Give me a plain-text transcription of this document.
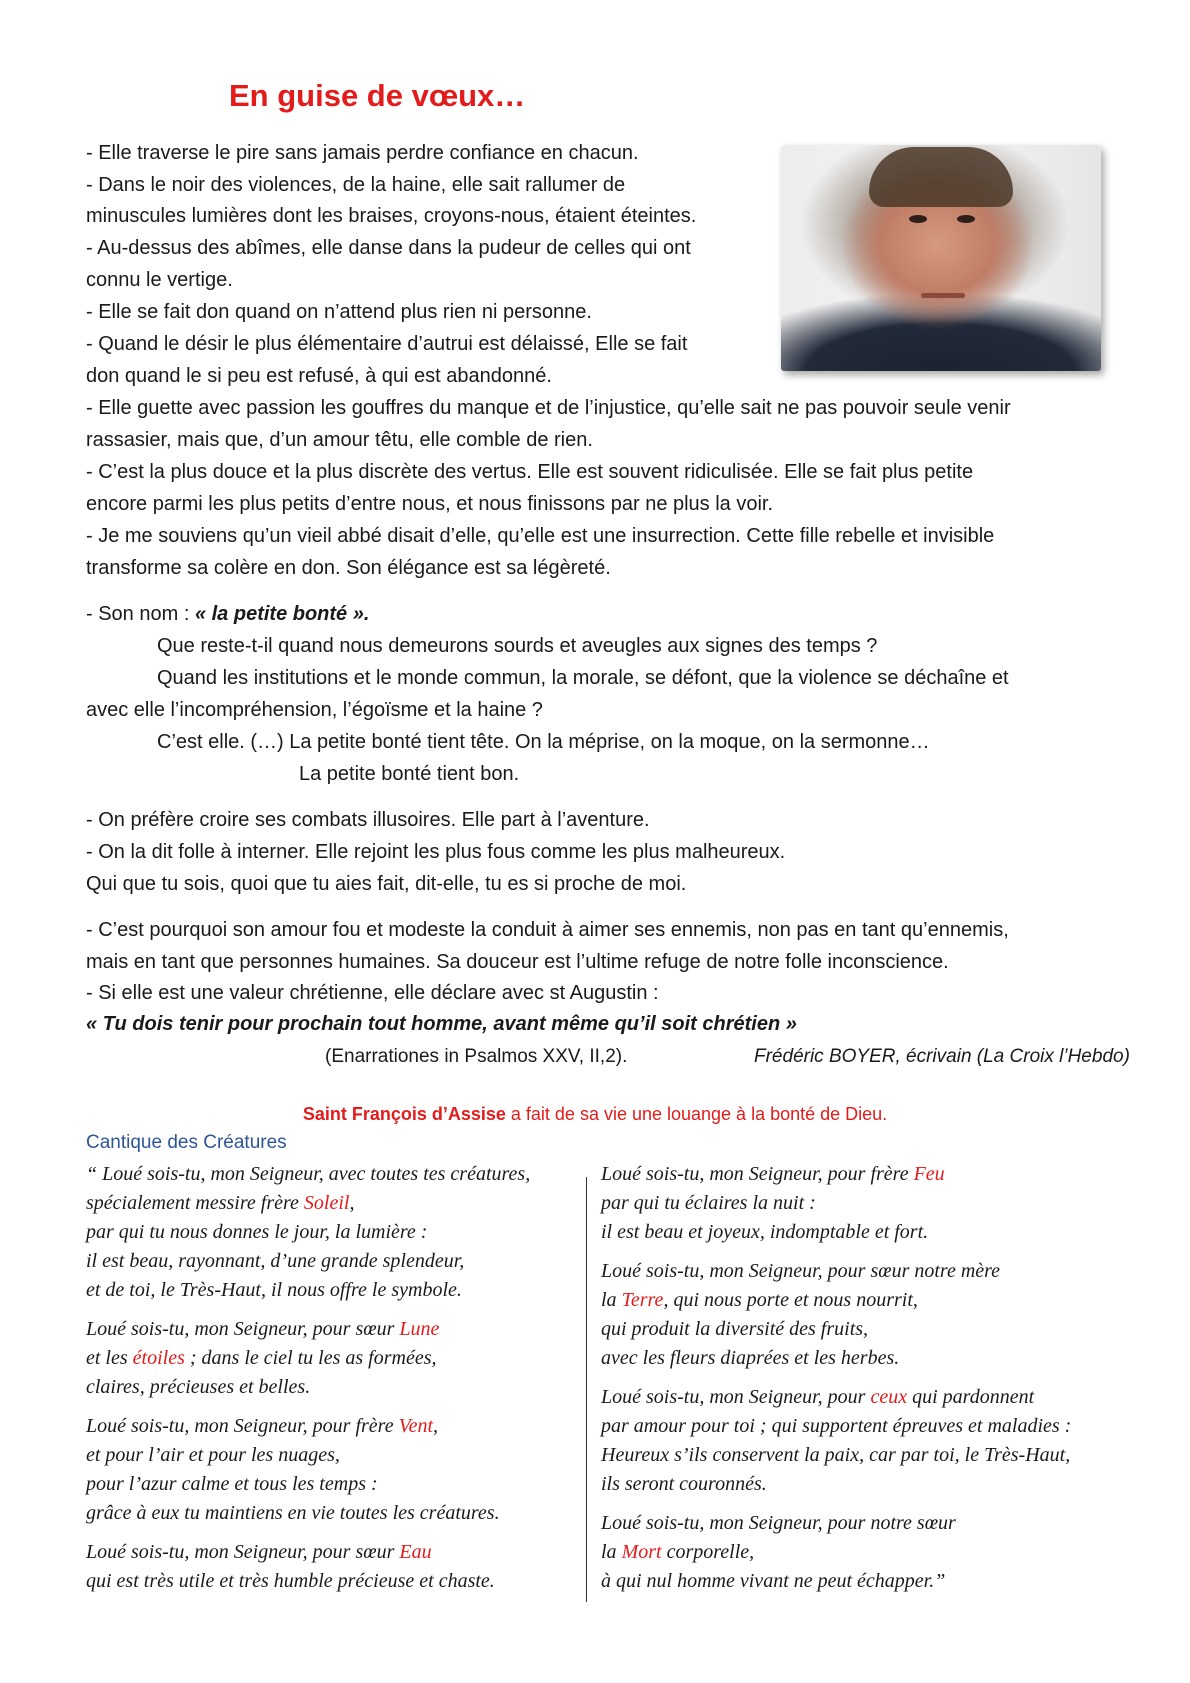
En guise de vœux…
- Elle traverse le pire sans jamais perdre confiance en chacun.
- Dans le noir des violences, de la haine, elle sait rallumer de
minuscules lumières dont les braises, croyons-nous, étaient éteintes.
- Au-dessus des abîmes, elle danse dans la pudeur de celles qui ont
connu le vertige.
- Elle se fait don quand on n’attend plus rien ni personne.
- Quand le désir le plus élémentaire d’autrui est délaissé, Elle se fait
don quand le si peu est refusé, à qui est abandonné.
- Elle guette avec passion les gouffres du manque et de l’injustice, qu’elle sait ne pas pouvoir seule venir
rassasier, mais que, d’un amour têtu, elle comble de rien.
- C’est la plus douce et la plus discrète des vertus. Elle est souvent ridiculisée. Elle se fait plus petite
encore parmi les plus petits d’entre nous, et nous finissons par ne plus la voir.
- Je me souviens qu’un vieil abbé disait d’elle, qu’elle est une insurrection. Cette fille rebelle et invisible
transforme sa colère en don. Son élégance est sa légèreté.
- Son nom : « la petite bonté ».
Que reste-t-il quand nous demeurons sourds et aveugles aux signes des temps ?
Quand les institutions et le monde commun, la morale, se défont, que la violence se déchaîne et
avec elle l’incompréhension, l’égoïsme et la haine ?
C’est elle. (…) La petite bonté tient tête. On la méprise, on la moque, on la sermonne…
La petite bonté tient bon.
- On préfère croire ses combats illusoires. Elle part à l’aventure.
- On la dit folle à interner. Elle rejoint les plus fous comme les plus malheureux.
Qui que tu sois, quoi que tu aies fait, dit-elle, tu es si proche de moi.
- C’est pourquoi son amour fou et modeste la conduit à aimer ses ennemis, non pas en tant qu’ennemis,
mais en tant que personnes humaines. Sa douceur est l’ultime refuge de notre folle inconscience.
- Si elle est une valeur chrétienne, elle déclare avec st Augustin :
« Tu dois tenir pour prochain tout homme, avant même qu’il soit chrétien »
(Enarrationes in Psalmos XXV, II,2).	Frédéric BOYER, écrivain (La Croix l’Hebdo)
Saint François d’Assise a fait de sa vie une louange à la bonté de Dieu.
Cantique des Créatures
“ Loué sois-tu, mon Seigneur, avec toutes tes créatures,
spécialement messire frère Soleil,
par qui tu nous donnes le jour, la lumière :
il est beau, rayonnant, d’une grande splendeur,
et de toi, le Très-Haut, il nous offre le symbole.
Loué sois-tu, mon Seigneur, pour sœur Lune
et les étoiles ; dans le ciel tu les as formées,
claires, précieuses et belles.
Loué sois-tu, mon Seigneur, pour frère Vent,
et pour l’air et pour les nuages,
pour l’azur calme et tous les temps :
grâce à eux tu maintiens en vie toutes les créatures.
Loué sois-tu, mon Seigneur, pour sœur Eau
qui est très utile et très humble précieuse et chaste.
Loué sois-tu, mon Seigneur, pour frère Feu
par qui tu éclaires la nuit :
il est beau et joyeux, indomptable et fort.
Loué sois-tu, mon Seigneur, pour sœur notre mère
la Terre, qui nous porte et nous nourrit,
qui produit la diversité des fruits,
avec les fleurs diaprées et les herbes.
Loué sois-tu, mon Seigneur, pour ceux qui pardonnent
par amour pour toi ; qui supportent épreuves et maladies :
Heureux s’ils conservent la paix, car par toi, le Très-Haut,
ils seront couronnés.
Loué sois-tu, mon Seigneur, pour notre sœur
la Mort corporelle,
à qui nul homme vivant ne peut échapper.”
